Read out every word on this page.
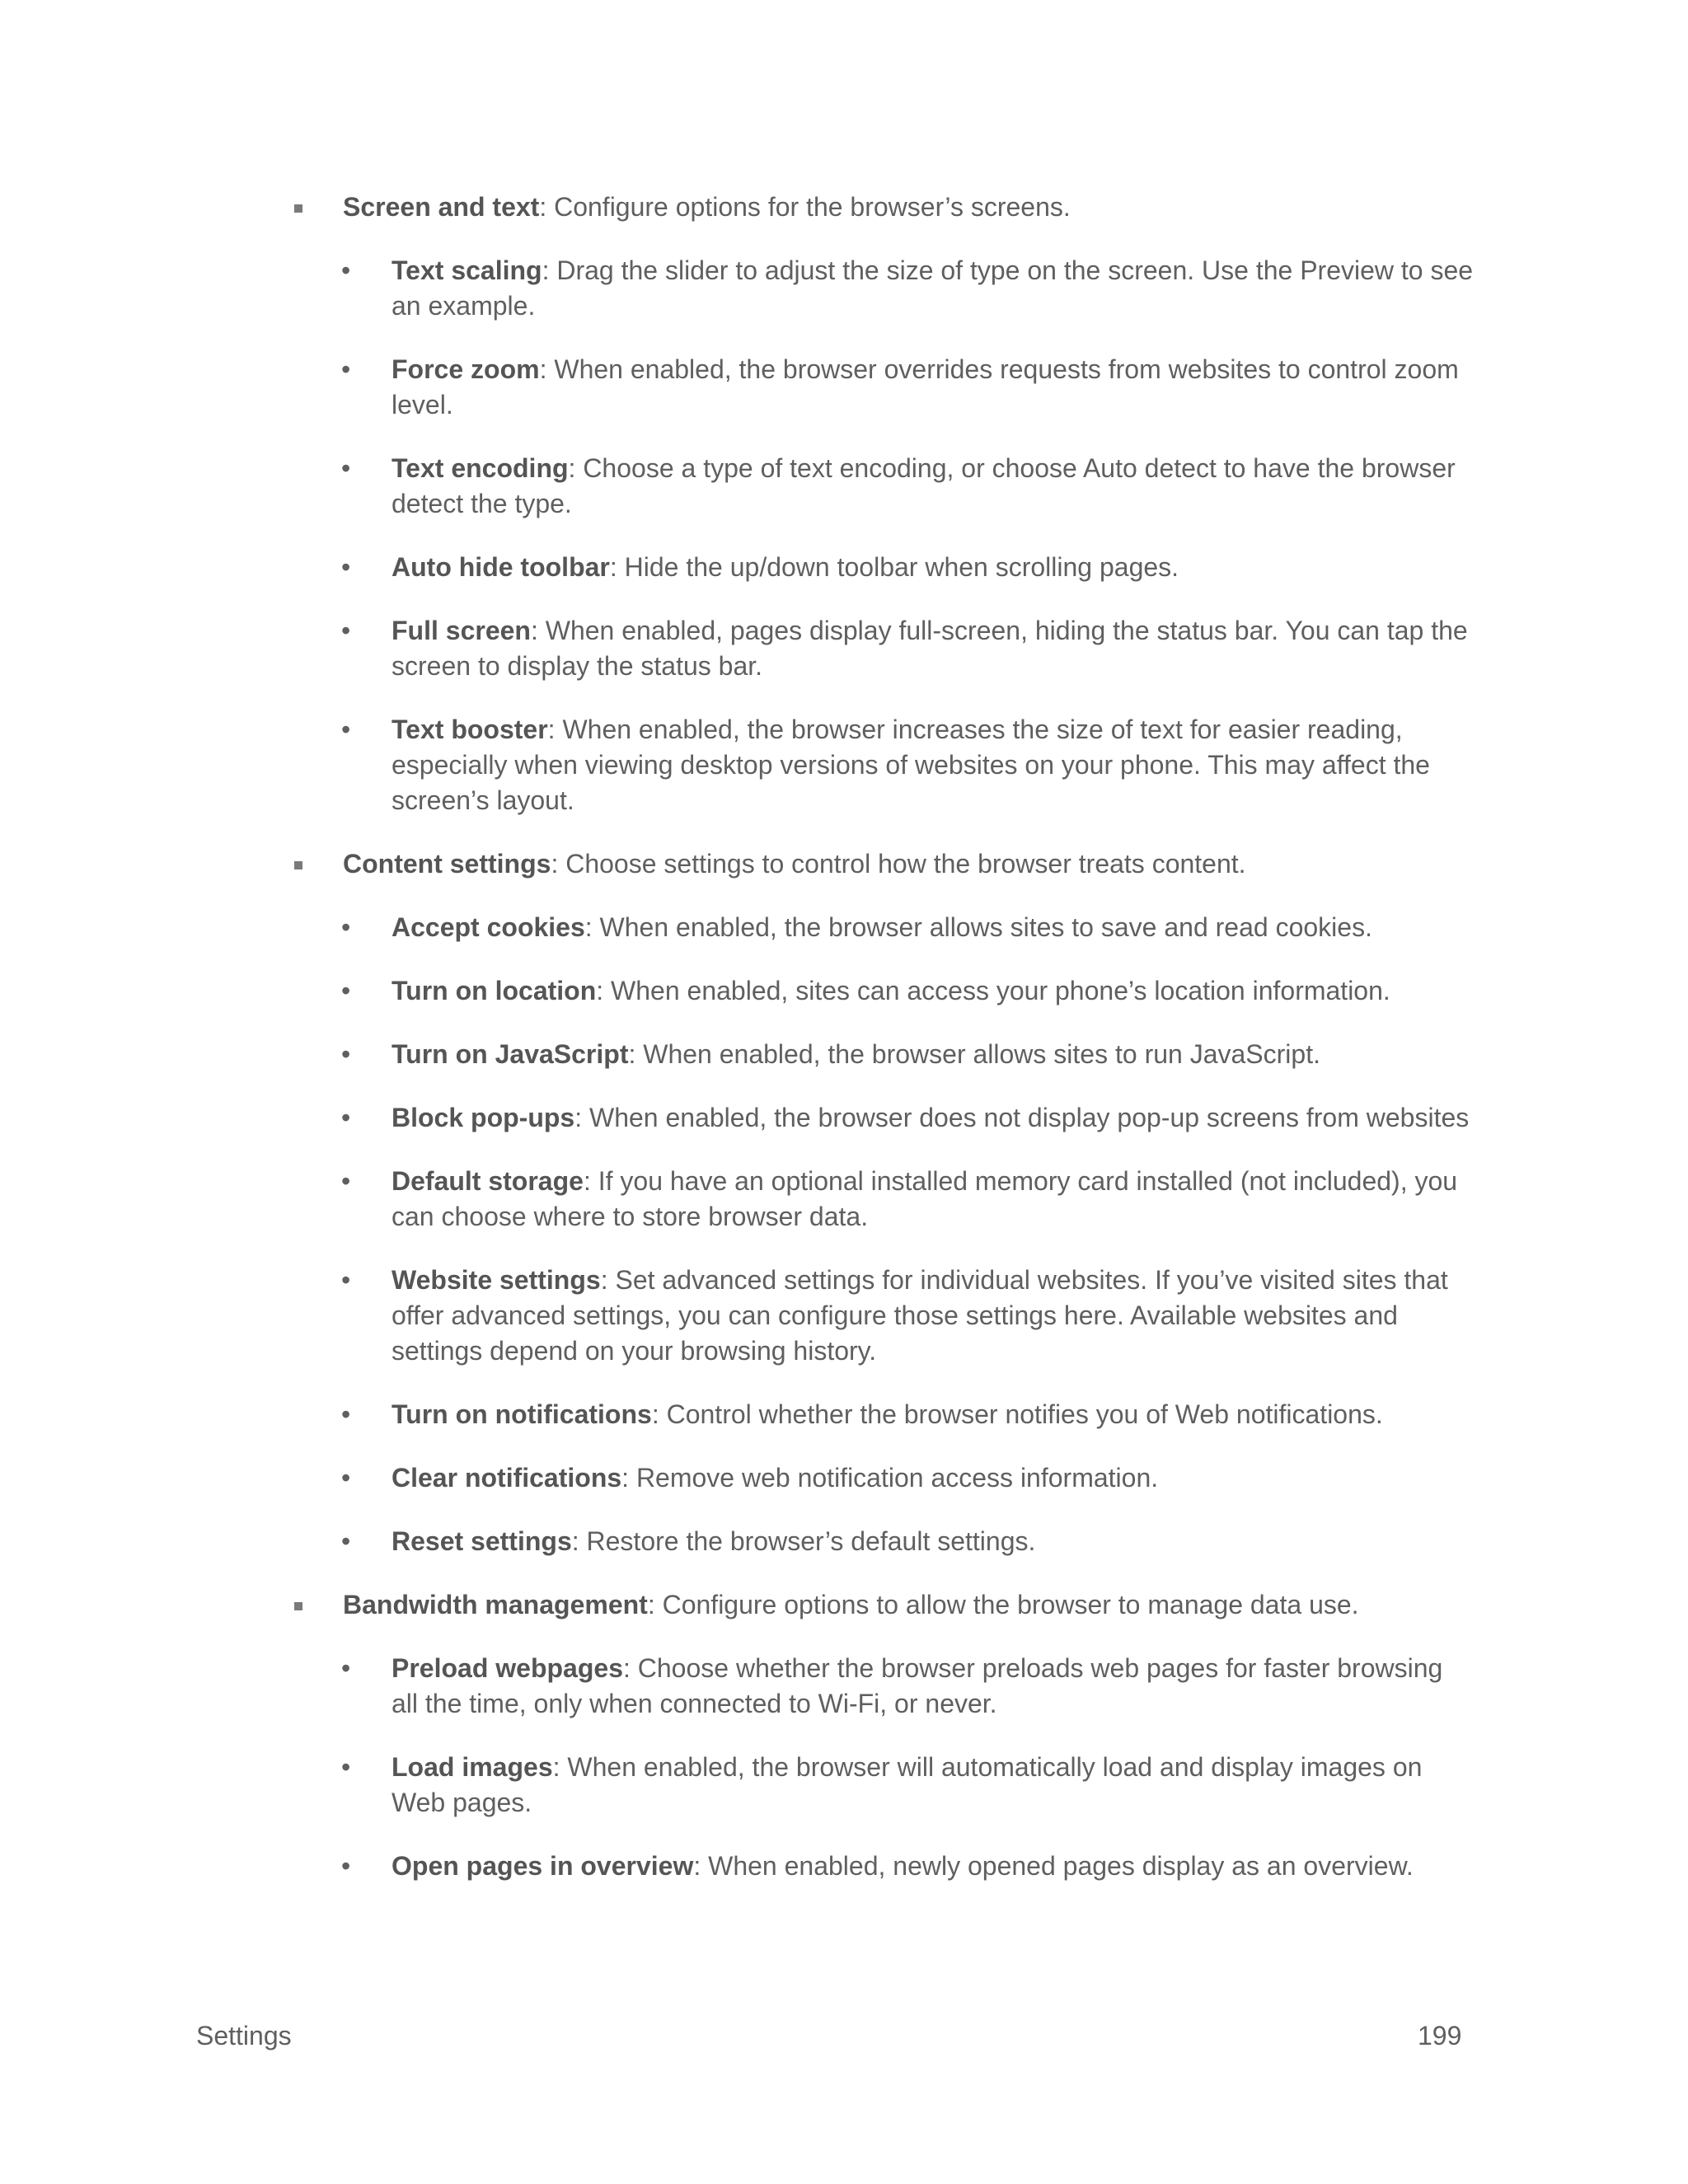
Screen and text: Configure options for the browser’s screens.
• Text scaling: Drag the slider to adjust the size of type on the screen. Use the Preview to see an example.
• Force zoom: When enabled, the browser overrides requests from websites to control zoom level.
• Text encoding: Choose a type of text encoding, or choose Auto detect to have the browser detect the type.
• Auto hide toolbar: Hide the up/down toolbar when scrolling pages.
• Full screen: When enabled, pages display full-screen, hiding the status bar. You can tap the screen to display the status bar.
• Text booster: When enabled, the browser increases the size of text for easier reading, especially when viewing desktop versions of websites on your phone. This may affect the screen’s layout.
Content settings: Choose settings to control how the browser treats content.
• Accept cookies: When enabled, the browser allows sites to save and read cookies.
• Turn on location: When enabled, sites can access your phone’s location information.
• Turn on JavaScript: When enabled, the browser allows sites to run JavaScript.
• Block pop-ups: When enabled, the browser does not display pop-up screens from websites
• Default storage: If you have an optional installed memory card installed (not included), you can choose where to store browser data.
• Website settings: Set advanced settings for individual websites. If you’ve visited sites that offer advanced settings, you can configure those settings here. Available websites and settings depend on your browsing history.
• Turn on notifications: Control whether the browser notifies you of Web notifications.
• Clear notifications: Remove web notification access information.
• Reset settings: Restore the browser’s default settings.
Bandwidth management: Configure options to allow the browser to manage data use.
• Preload webpages: Choose whether the browser preloads web pages for faster browsing all the time, only when connected to Wi-Fi, or never.
• Load images: When enabled, the browser will automatically load and display images on Web pages.
• Open pages in overview: When enabled, newly opened pages display as an overview.
Settings	199
